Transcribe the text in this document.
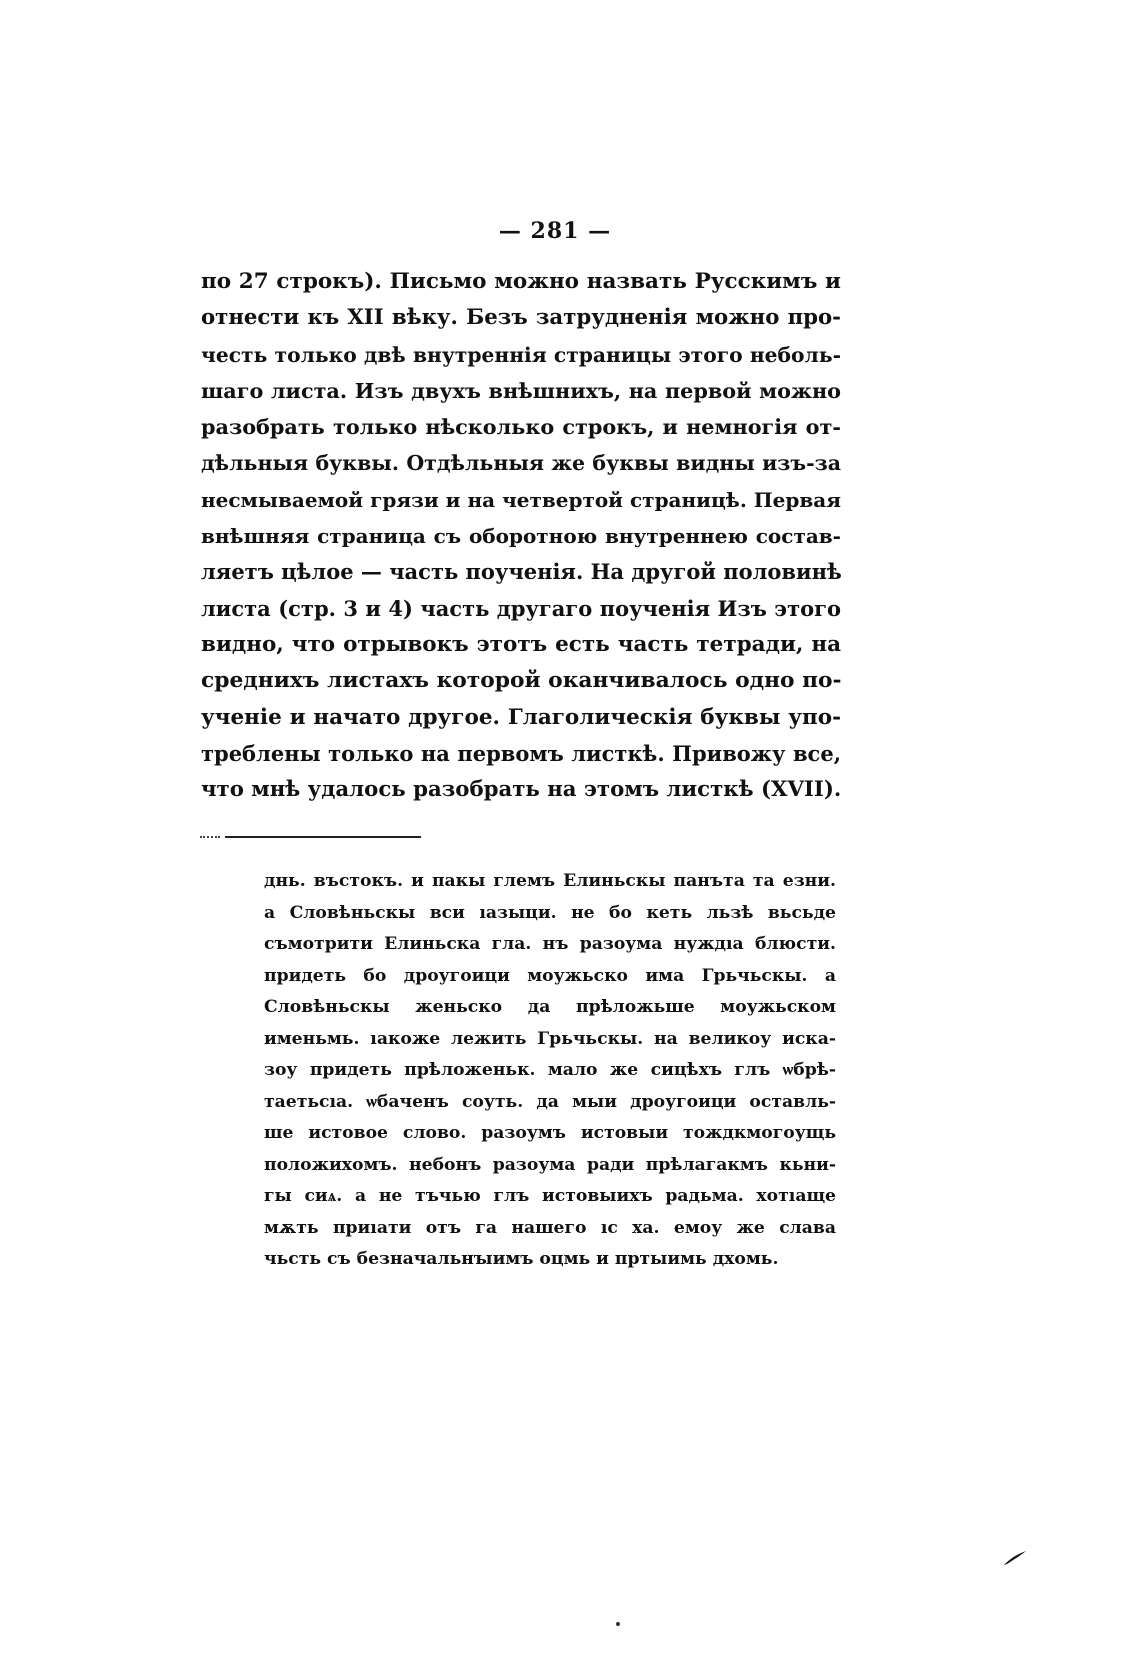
— 281 —
по 27 строкъ). Письмо можно назвать Русскимъ и
отнести къ XII вѣку. Безъ затрудненія можно про-
честь только двѣ внутреннія страницы этого неболь-
шаго листа. Изъ двухъ внѣшнихъ, на первой можно
разобрать только нѣсколько строкъ, и немногія от-
дѣльныя буквы. Отдѣльныя же буквы видны изъ-за
несмываемой грязи и на четвертой страницѣ. Первая
внѣшняя страница съ оборотною внутреннею состав-
ляетъ цѣлое — часть поученія. На другой половинѣ
листа (стр. 3 и 4) часть другаго поученія Изъ этого
видно, что отрывокъ этотъ есть часть тетради, на
среднихъ листахъ которой оканчивалось одно по-
ученіе и начато другое. Глаголическія буквы упо-
треблены только на первомъ листкѣ. Привожу все,
что мнѣ удалось разобрать на этомъ листкѣ (XVII).
днь. въстокъ. и пакы глемъ Елиньскы панъта та езни.
а Словѣньскы вси ıазыци. не бо кеть льзѣ вьсьде
съмотрити Елиньска гла. нъ разоума нуждıа блюсти.
придеть бо дроугоици моужьско има Грьчьскы. а
Словѣньскы женьско да прѣложьше моужьском
именьмь. ıакоже лежить Грьчьскы. на великоу иска-
зоу придеть прѣложеньк. мало же сицѣхъ глъ ѡбрѣ-
таетьсıа. ѡбаченъ соуть. да мыи дроугоици оставль-
ше истовое слово. разоумъ истовыи тождкмогоущь
положихомъ. небонъ разоума ради прѣлагакмъ кьни-
гы сиѧ. а не тъчью глъ истовыихъ радьма. хотıаще
мѫть приıати отъ га нашего ıс ха. емоу же слава
чьсть съ безначальнꙑимъ оцмь и пртыимь дхомь.
